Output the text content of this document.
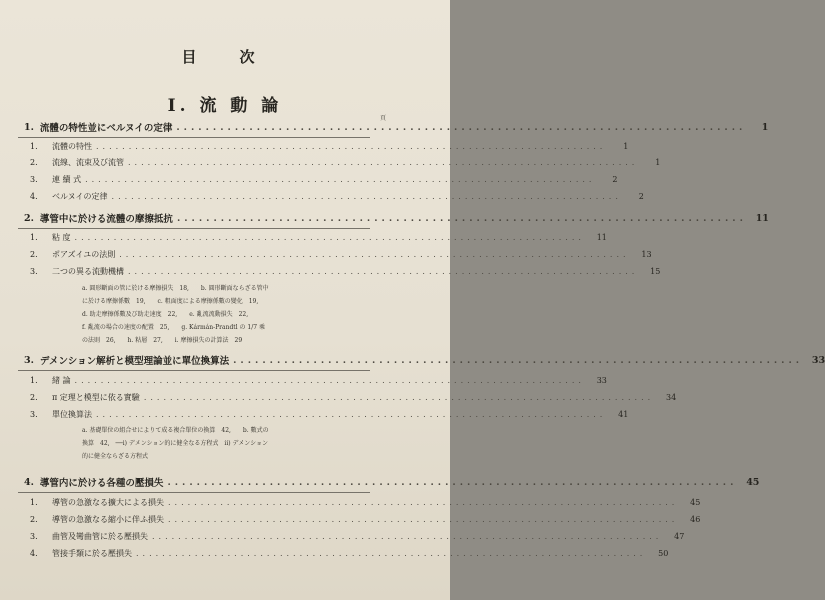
目　次
I. 流 動 論
頁
1. 流體の特性並にベルヌイの定律 ..............................................................................	1
1.	流體の特性 ..............................................................................	1
2.	流線、流束及び流管 ..............................................................................	1
3.	連 續 式 ..............................................................................	2
4.	ベルヌイの定律 ..............................................................................	2
2. 導管中に於ける流體の摩擦抵抗 .............................................................................. 11
1.	粘 度 ..............................................................................	11
2.	ポアズイユの法則 ..............................................................................	13
3.	二つの異る流動機構 ..............................................................................	15
a. 圓形斷面の管に於ける摩擦損失　18,　　b. 圓形斷面ならざる管中
に於ける摩擦係數　19,　　c. 粗面度による摩擦係數の變化　19,
d. 助走摩擦係數及び助走速度　22,　　e. 亂流流動損失　22,
f. 亂流の場合の速度の配置　25,　　g. Kármán-Prandtl の 1/7 乘
の法則　26,　　h. 粘層　27,　　i. 摩擦損失の計算法　29
3. デメンション解析と模型理論並に單位換算法 .............................................................................. 33
1.	緒 論 ..............................................................................	33
2.	π 定理と模型に依る實驗 ..............................................................................	34
3.	單位換算法 ..............................................................................	41
a. 基礎單位の組合せによりて成る複合單位の換算　42,　　b. 數式の
換算　42,　──i) デメンション的に健全なる方程式　ii) デメンション
的に健全ならざる方程式
4. 導管内に於ける各種の壓損失 .............................................................................. 45
1.	導管の急激なる擴大による損失 ..............................................................................	45
2.	導管の急激なる縮小に伴ふ損失 ..............................................................................	46
3.	曲管及彎曲管に於る壓損失 ..............................................................................	47
4.	管接手類に於る壓損失 ..............................................................................	50
